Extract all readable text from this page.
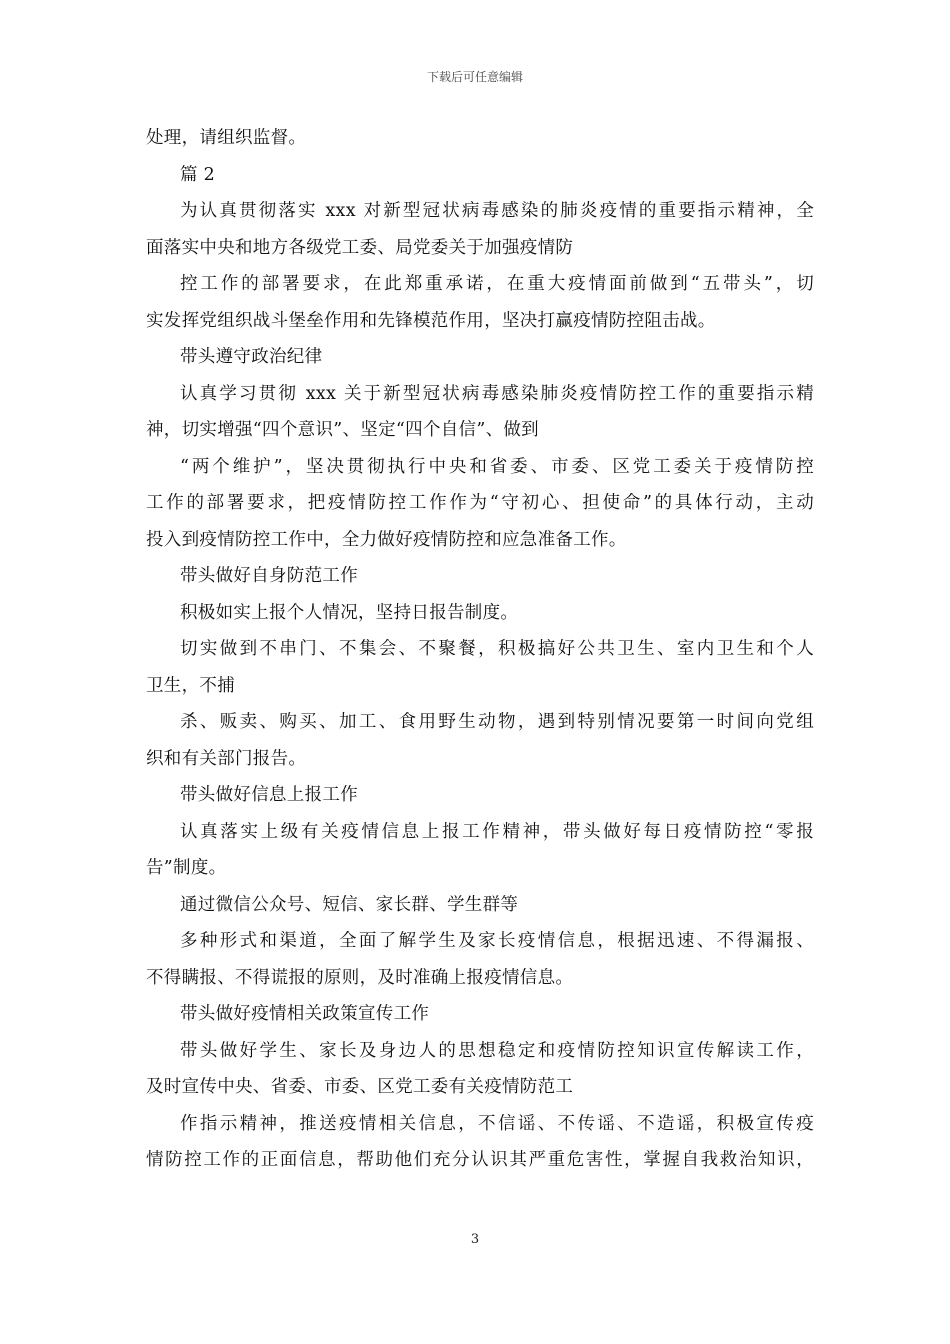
下载后可任意编辑
处理，请组织监督。
篇 2
为认真贯彻落实 xxx 对新型冠状病毒感染的肺炎疫情的重要指示精神，全
面落实中央和地方各级党工委、局党委关于加强疫情防
控工作的部署要求，在此郑重承诺，在重大疫情面前做到“五带头”，切
实发挥党组织战斗堡垒作用和先锋模范作用，坚决打赢疫情防控阻击战。
带头遵守政治纪律
认真学习贯彻 xxx 关于新型冠状病毒感染肺炎疫情防控工作的重要指示精
神，切实增强“四个意识”、坚定“四个自信”、做到
“两个维护”，坚决贯彻执行中央和省委、市委、区党工委关于疫情防控
工作的部署要求，把疫情防控工作作为“守初心、担使命”的具体行动，主动
投入到疫情防控工作中，全力做好疫情防控和应急准备工作。
带头做好自身防范工作
积极如实上报个人情况，坚持日报告制度。
切实做到不串门、不集会、不聚餐，积极搞好公共卫生、室内卫生和个人
卫生，不捕
杀、贩卖、购买、加工、食用野生动物，遇到特别情况要第一时间向党组
织和有关部门报告。
带头做好信息上报工作
认真落实上级有关疫情信息上报工作精神，带头做好每日疫情防控“零报
告”制度。
通过微信公众号、短信、家长群、学生群等
多种形式和渠道，全面了解学生及家长疫情信息，根据迅速、不得漏报、
不得瞒报、不得谎报的原则，及时准确上报疫情信息。
带头做好疫情相关政策宣传工作
带头做好学生、家长及身边人的思想稳定和疫情防控知识宣传解读工作，
及时宣传中央、省委、市委、区党工委有关疫情防范工
作指示精神，推送疫情相关信息，不信谣、不传谣、不造谣，积极宣传疫
情防控工作的正面信息，帮助他们充分认识其严重危害性，掌握自我救治知识，
3
